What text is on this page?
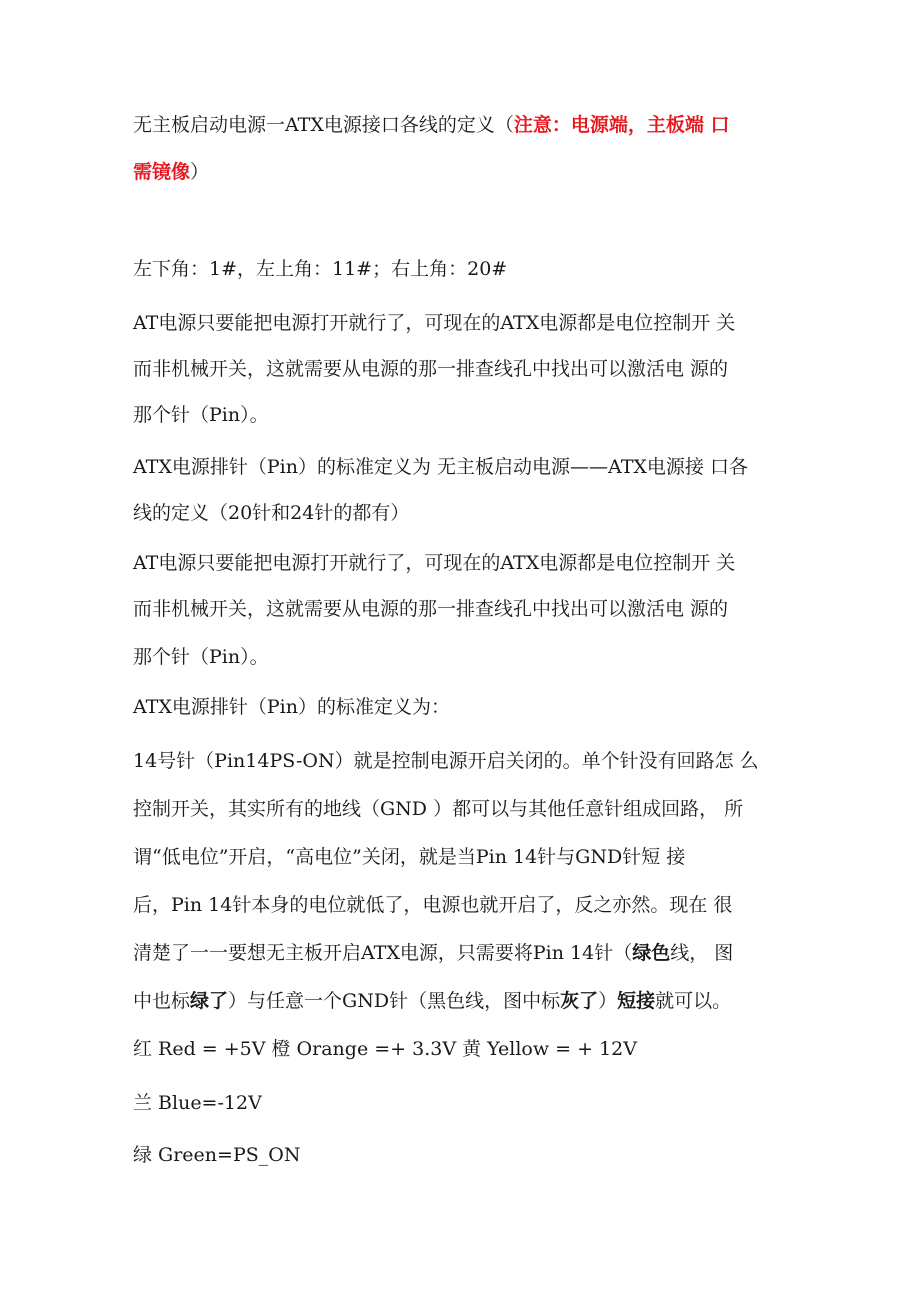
无主板启动电源一ATX电源接口各线的定义（注意：电源端，主板端 口
需镜像）
左下角：1#，左上角：11#；右上角：20#
AT电源只要能把电源打开就行了，可现在的ATX电源都是电位控制开 关
而非机械开关，这就需要从电源的那一排查线孔中找出可以激活电 源的
那个针（Pin）。
ATX电源排针（Pin）的标准定义为 无主板启动电源——ATX电源接 口各
线的定义（20针和24针的都有）
AT电源只要能把电源打开就行了，可现在的ATX电源都是电位控制开 关
而非机械开关，这就需要从电源的那一排查线孔中找出可以激活电 源的
那个针（Pin）。
ATX电源排针（Pin）的标准定义为：
14号针（Pin14PS-ON）就是控制电源开启关闭的。单个针没有回路怎 么
控制开关，其实所有的地线（GND ）都可以与其他任意针组成回路， 所
谓“低电位”开启，“高电位”关闭，就是当Pin 14针与GND针短 接
后，Pin 14针本身的电位就低了，电源也就开启了，反之亦然。现在 很
清楚了一一要想无主板开启ATX电源，只需要将Pin 14针（绿色线， 图
中也标绿了）与任意一个GND针（黑色线，图中标灰了）短接就可以。
红 Red = +5V 橙 Orange =+ 3.3V 黄 Yellow = + 12V
兰 Blue=-12V
绿 Green=PS_ON
